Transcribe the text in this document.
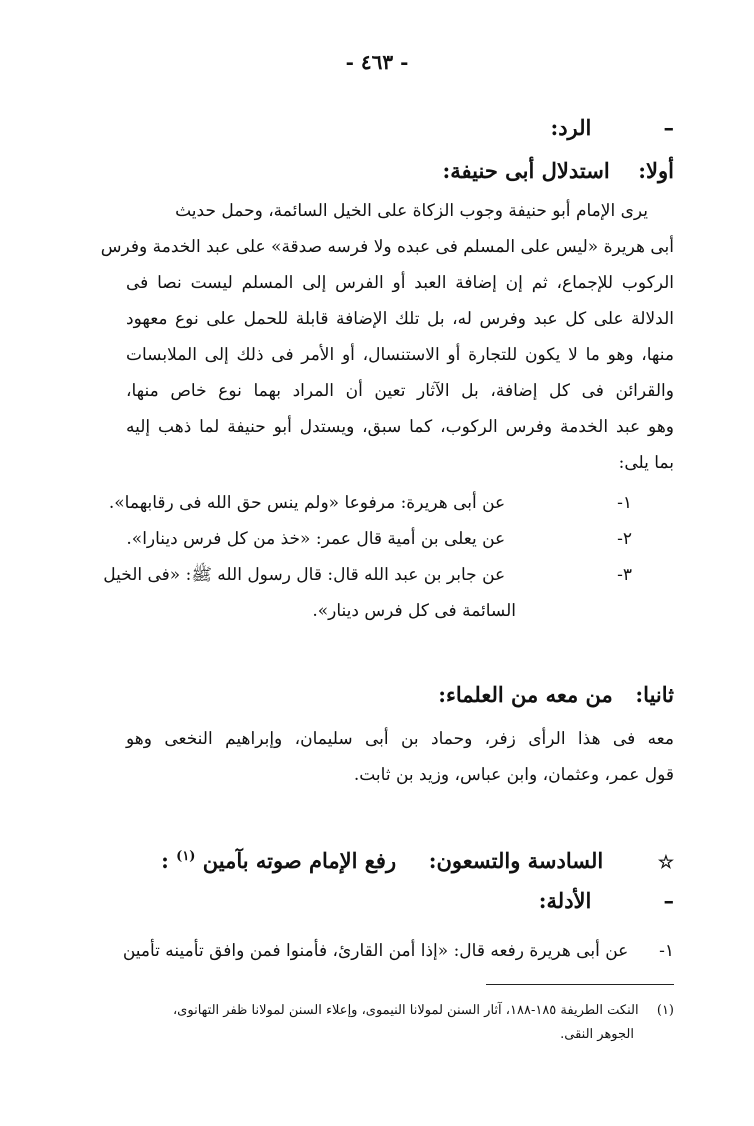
- ٤٦٣ -
–  الرد:
أولا:  استدلال أبى حنيفة:
يرى الإمام أبو حنيفة وجوب الزكاة على الخيل السائمة، وحمل حديث
أبى هريرة «ليس على المسلم فى عبده ولا فرسه صدقة» على عبد الخدمة وفرس
الركوب للإجماع، ثم إن إضافة العبد أو الفرس إلى المسلم ليست نصا فى
الدلالة على كل عبد وفرس له، بل تلك الإضافة قابلة للحمل على نوع معهود
منها، وهو ما لا يكون للتجارة أو الاستنسال، أو الأمر فى ذلك إلى الملابسات
والقرائن فى كل إضافة، بل الآثار تعين أن المراد بهما نوع خاص منها،
وهو عبد الخدمة وفرس الركوب، كما سبق، ويستدل أبو حنيفة لما ذهب إليه
بما يلى:
١-  عن أبى هريرة: مرفوعا «ولم ينس حق الله فى رقابهما».
٢-  عن يعلى بن أمية قال عمر: «خذ من كل فرس دينارا».
٣-  عن جابر بن عبد الله قال: قال رسول الله ﷺ: «فى الخيل
السائمة فى كل فرس دينار».
ثانيا:  من معه من العلماء:
معه فى هذا الرأى زفر، وحماد بن أبى سليمان، وإبراهيم النخعى وهو
قول عمر، وعثمان، وابن عباس، وزيد بن ثابت.
☆  السادسة والتسعون:  رفع الإمام صوته بآمين $^{(١)}$ :
–  الأدلة:
١-  عن أبى هريرة رفعه قال: «إذا أمن القارئ، فأمنوا فمن وافق تأمينه تأمين
(١)  النكت الطريفة ١٨٥-١٨٨، آثار السنن لمولانا النيموى، وإعلاء السنن لمولانا ظفر التهانوى،
الجوهر النقى.
